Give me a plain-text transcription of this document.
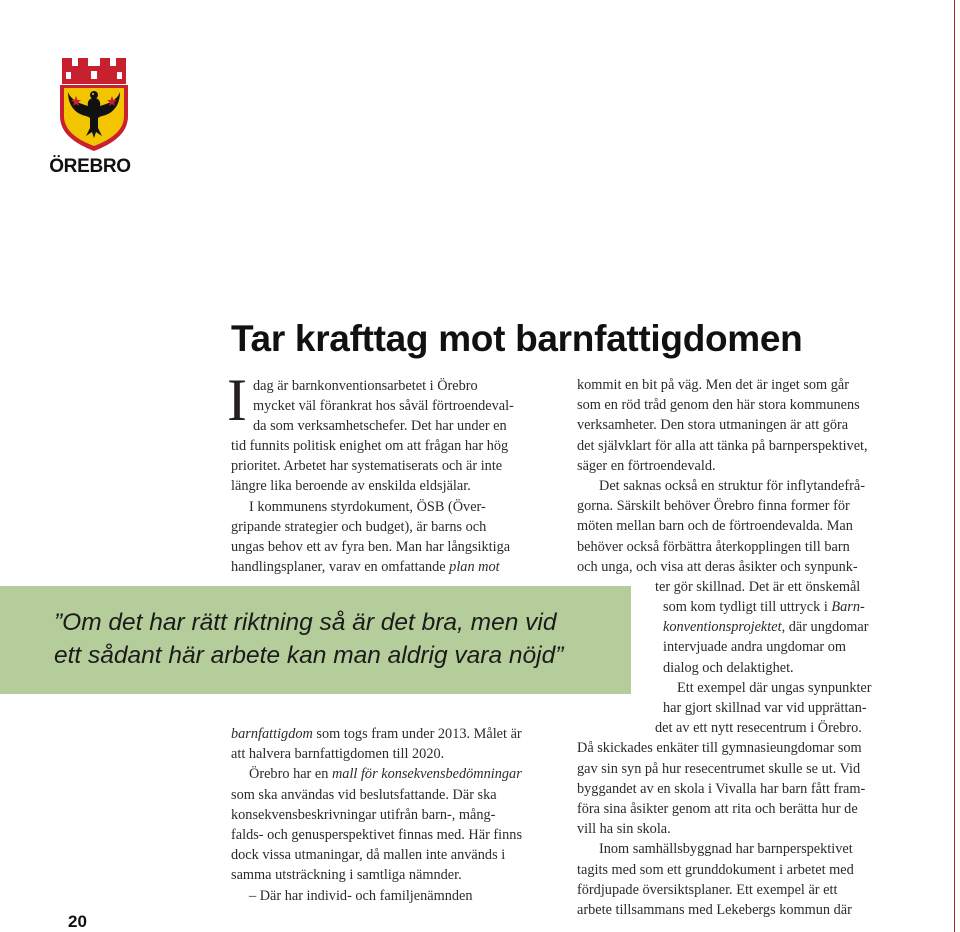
ÖREBRO
Tar krafttag mot barnfattigdomen
I dag är barnkonventionsarbetet i Örebro
mycket väl förankrat hos såväl förtroendeval-
da som verksamhetschefer. Det har under en
tid funnits politisk enighet om att frågan har hög
prioritet. Arbetet har systematiserats och är inte
längre lika beroende av enskilda eldsjälar.
I kommunens styrdokument, ÖSB (Över-
gripande strategier och budget), är barns och
ungas behov ett av fyra ben. Man har långsiktiga
handlingsplaner, varav en omfattande plan mot
”Om det har rätt riktning så är det bra, men vid
ett sådant här arbete kan man aldrig vara nöjd”
barnfattigdom som togs fram under 2013. Målet är
att halvera barnfattigdomen till 2020.
Örebro har en mall för konsekvensbedömningar
som ska användas vid beslutsfattande. Där ska
konsekvensbeskrivningar utifrån barn-, mång-
falds- och genusperspektivet finnas med. Här finns
dock vissa utmaningar, då mallen inte används i
samma utsträckning i samtliga nämnder.
– Där har individ- och familjenämnden
kommit en bit på väg. Men det är inget som går
som en röd tråd genom den här stora kommunens
verksamheter. Den stora utmaningen är att göra
det självklart för alla att tänka på barnperspektivet,
säger en förtroendevald.
Det saknas också en struktur för inflytandefrå-
gorna. Särskilt behöver Örebro finna former för
möten mellan barn och de förtroendevalda. Man
behöver också förbättra återkopplingen till barn
och unga, och visa att deras åsikter och synpunk-
ter gör skillnad. Det är ett önskemål
som kom tydligt till uttryck i Barn-
konventionsprojektet, där ungdomar
intervjuade andra ungdomar om
dialog och delaktighet.
Ett exempel där ungas synpunkter
har gjort skillnad var vid upprättan-
det av ett nytt resecentrum i Örebro.
Då skickades enkäter till gymnasieungdomar som
gav sin syn på hur resecentrumet skulle se ut. Vid
byggandet av en skola i Vivalla har barn fått fram-
föra sina åsikter genom att rita och berätta hur de
vill ha sin skola.
Inom samhällsbyggnad har barnperspektivet
tagits med som ett grunddokument i arbetet med
fördjupade översiktsplaner. Ett exempel är ett
arbete tillsammans med Lekebergs kommun där
20
